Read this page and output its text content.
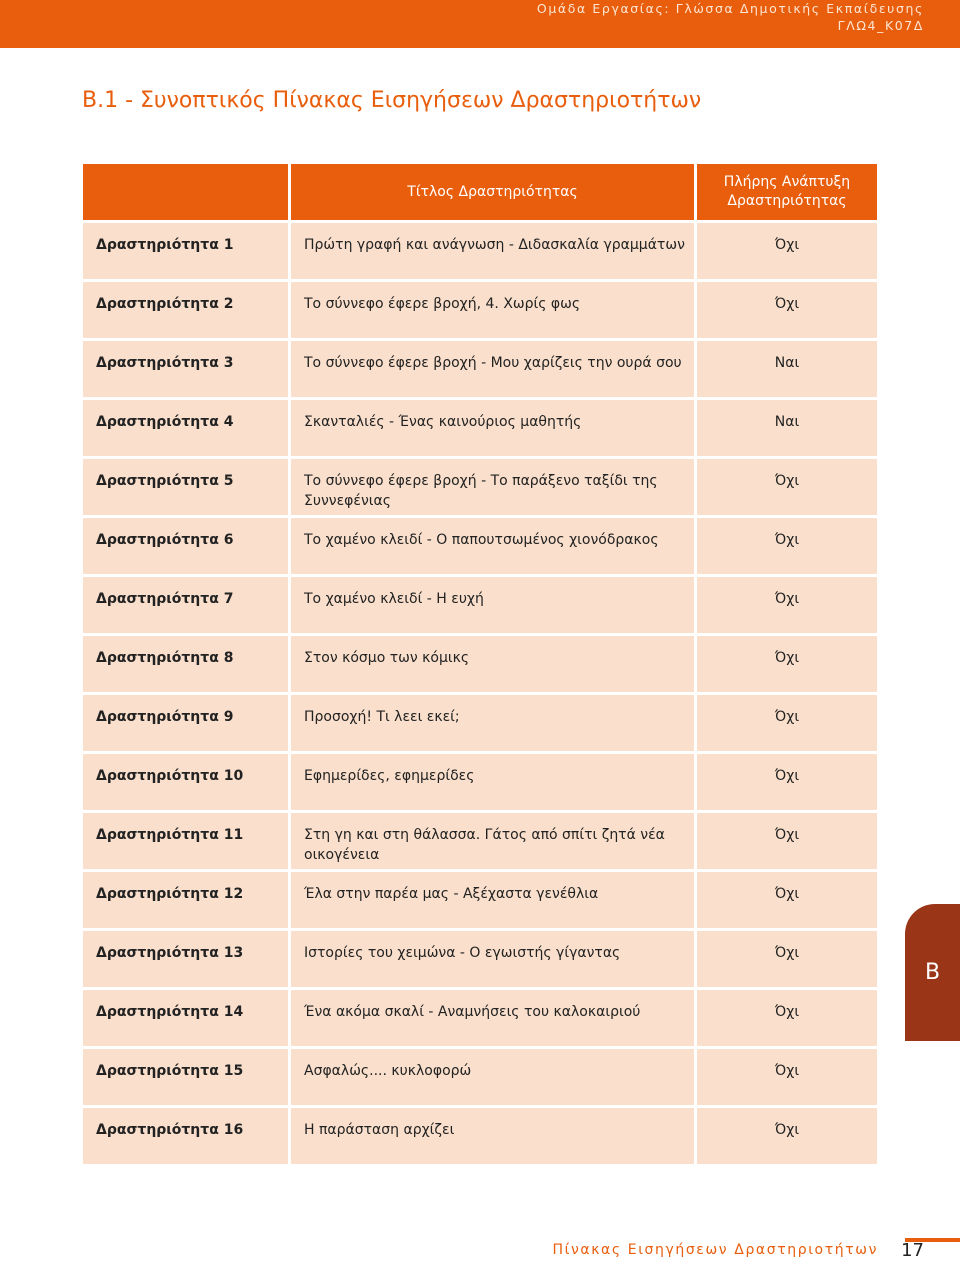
Ομάδα Εργασίας: Γλώσσα Δημοτικής Εκπαίδευσης
ΓΛΩ4_Κ07Δ
Β.1 - Συνοπτικός Πίνακας Εισηγήσεων Δραστηριοτήτων
	Τίτλος Δραστηριότητας	Πλήρης Ανάπτυξη
Δραστηριότητας

Δραστηριότητα 1	Πρώτη γραφή και ανάγνωση - Διδασκαλία γραμμάτων	Όχι
Δραστηριότητα 2	Το σύννεφο έφερε βροχή, 4. Χωρίς φως	Όχι
Δραστηριότητα 3	Το σύννεφο έφερε βροχή - Μου χαρίζεις την ουρά σου	Ναι
Δραστηριότητα 4	Σκανταλιές - Ένας καινούριος μαθητής	Ναι
Δραστηριότητα 5	Το σύννεφο έφερε βροχή - Το παράξενο ταξίδι της Συννεφένιας	Όχι
Δραστηριότητα 6	Το χαμένο κλειδί - Ο παπουτσωμένος χιονόδρακος	Όχι
Δραστηριότητα 7	Το χαμένο κλειδί - Η ευχή	Όχι
Δραστηριότητα 8	Στον κόσμο των κόμικς	Όχι
Δραστηριότητα 9	Προσοχή! Τι λεει εκεί;	Όχι
Δραστηριότητα 10	Εφημερίδες, εφημερίδες	Όχι
Δραστηριότητα 11	Στη γη και στη θάλασσα. Γάτος από σπίτι ζητά νέα οικογένεια	Όχι
Δραστηριότητα 12	Έλα στην παρέα μας - Αξέχαστα γενέθλια	Όχι
Δραστηριότητα 13	Ιστορίες του χειμώνα - Ο εγωιστής γίγαντας	Όχι
Δραστηριότητα 14	Ένα ακόμα σκαλί - Αναμνήσεις του καλοκαιριού	Όχι
Δραστηριότητα 15	Ασφαλώς.... κυκλοφορώ	Όχι
Δραστηριότητα 16	Η παράσταση αρχίζει	Όχι
B
Πίνακας Εισηγήσεων Δραστηριοτήτων 17
